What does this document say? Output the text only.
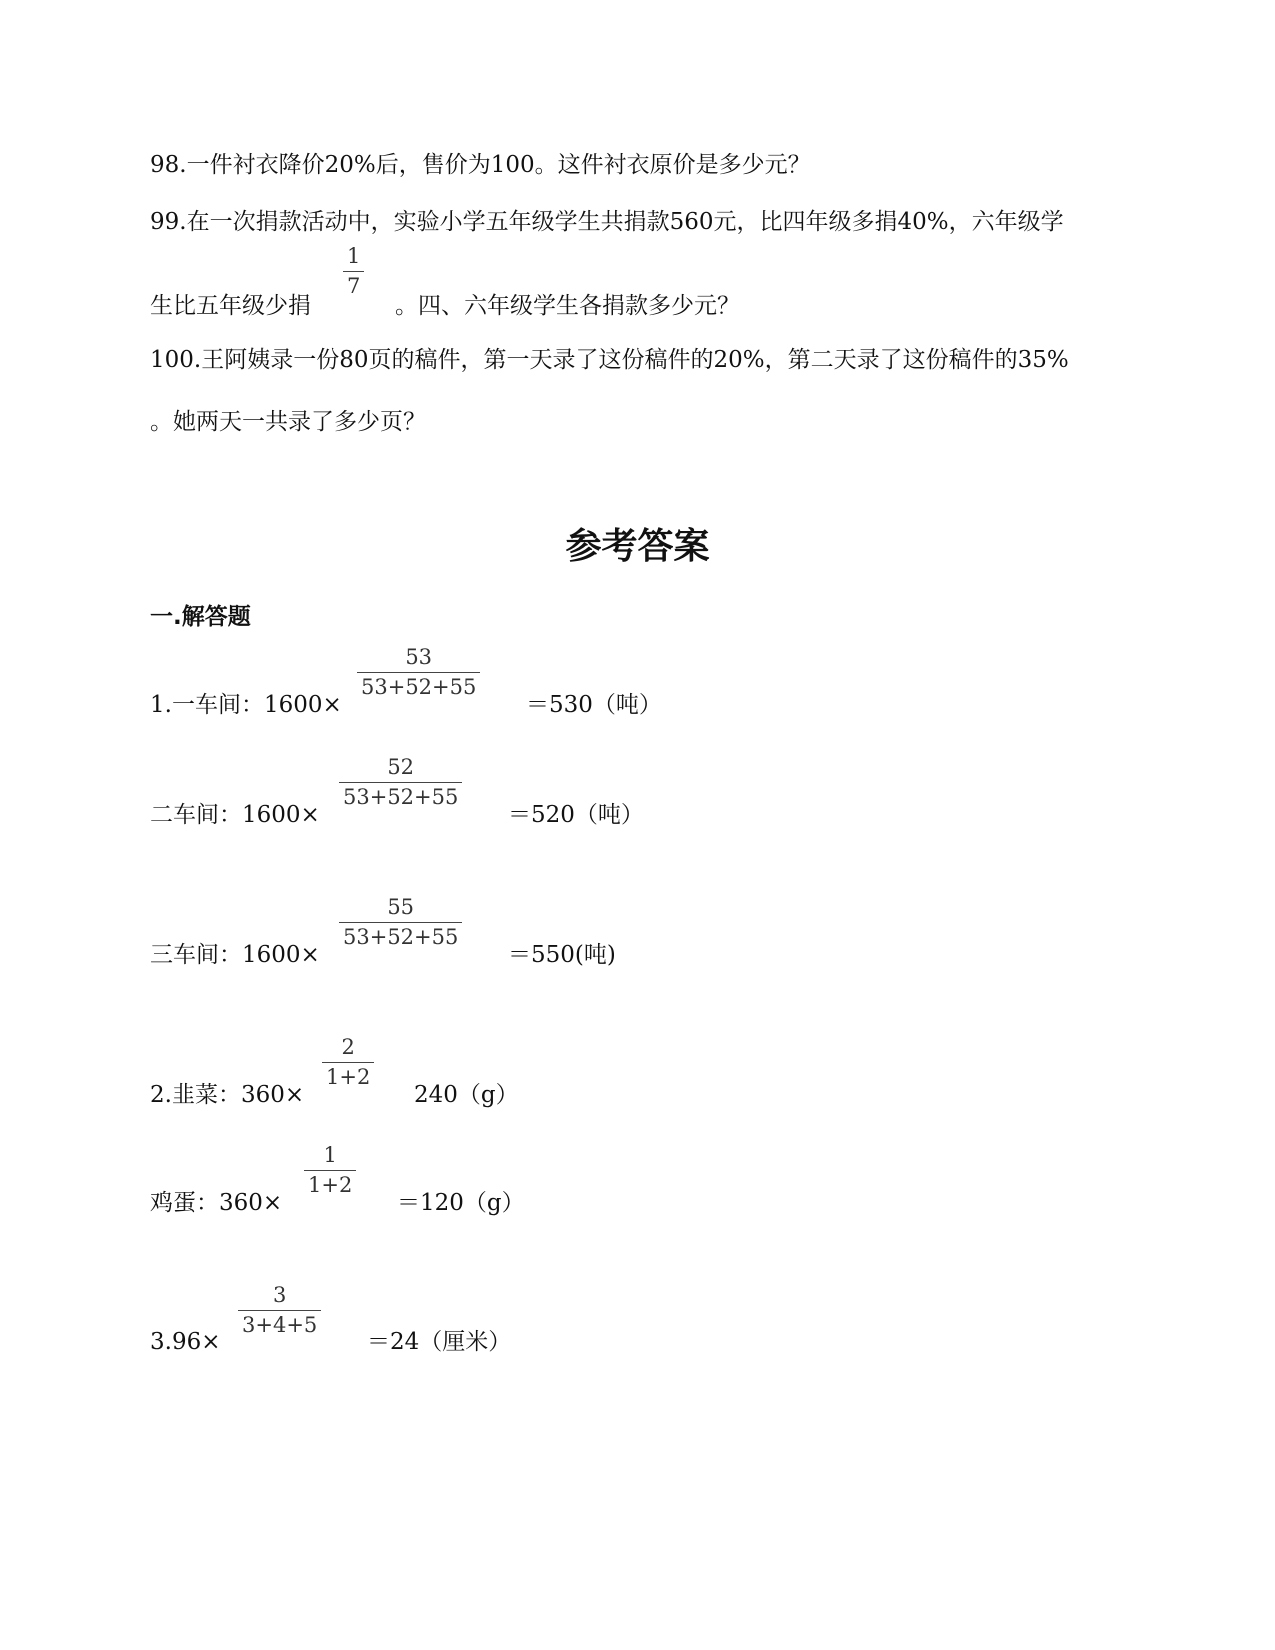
98.一件衬衣降价20%后，售价为100。这件衬衣原价是多少元？
99.在一次捐款活动中，实验小学五年级学生共捐款560元，比四年级多捐40%，六年级学
生比五年级少捐
$\frac{1}{7}$
。四、六年级学生各捐款多少元？
100.王阿姨录一份80页的稿件，第一天录了这份稿件的20%，第二天录了这份稿件的35%
。她两天一共录了多少页？
参考答案
一.解答题
1.一车间：1600×
$\frac{53}{53+52+55}$
＝530（吨）
二车间：1600×
$\frac{52}{53+52+55}$
＝520（吨）
三车间：1600×
$\frac{55}{53+52+55}$
＝550(吨)
2.韭菜：360×
$\frac{2}{1+2}$
240（g）
鸡蛋：360×
$\frac{1}{1+2}$
＝120（g）
3.96×
$\frac{3}{3+4+5}$
＝24（厘米）
